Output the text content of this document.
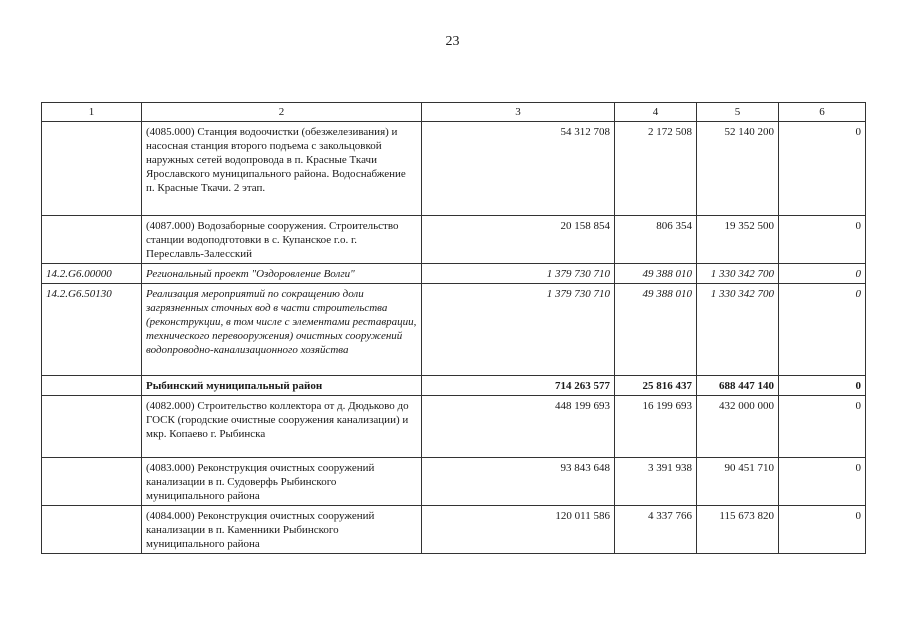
23
1	2	3	4	5	6
	(4085.000) Станция водоочистки (обезжелезивания) и насосная станция второго подъема с закольцовкой наружных сетей водопровода в п. Красные Ткачи Ярославского муниципального района. Водоснабжение п. Красные Ткачи. 2 этап.	54 312 708	2 172 508	52 140 200	0
	(4087.000) Водозаборные сооружения. Строительство станции водоподготовки в с. Купанское г.о. г. Переславль-Залесский	20 158 854	806 354	19 352 500	0
14.2.G6.00000	Региональный проект "Оздоровление Волги"	1 379 730 710	49 388 010	1 330 342 700	0
14.2.G6.50130	Реализация мероприятий по сокращению доли загрязненных сточных вод в части строительства (реконструкции, в том числе с элементами реставрации, технического перевооружения) очистных сооружений водопроводно-канализационного хозяйства	1 379 730 710	49 388 010	1 330 342 700	0
	Рыбинский муниципальный район	714 263 577	25 816 437	688 447 140	0
	(4082.000) Строительство коллектора от д. Дюдьково до ГОСК (городские очистные сооружения канализации) и мкр. Копаево г. Рыбинска	448 199 693	16 199 693	432 000 000	0
	(4083.000) Реконструкция очистных сооружений канализации в п. Судоверфь Рыбинского муниципального района	93 843 648	3 391 938	90 451 710	0
	(4084.000) Реконструкция очистных сооружений канализации в п. Каменники Рыбинского муниципального района	120 011 586	4 337 766	115 673 820	0
